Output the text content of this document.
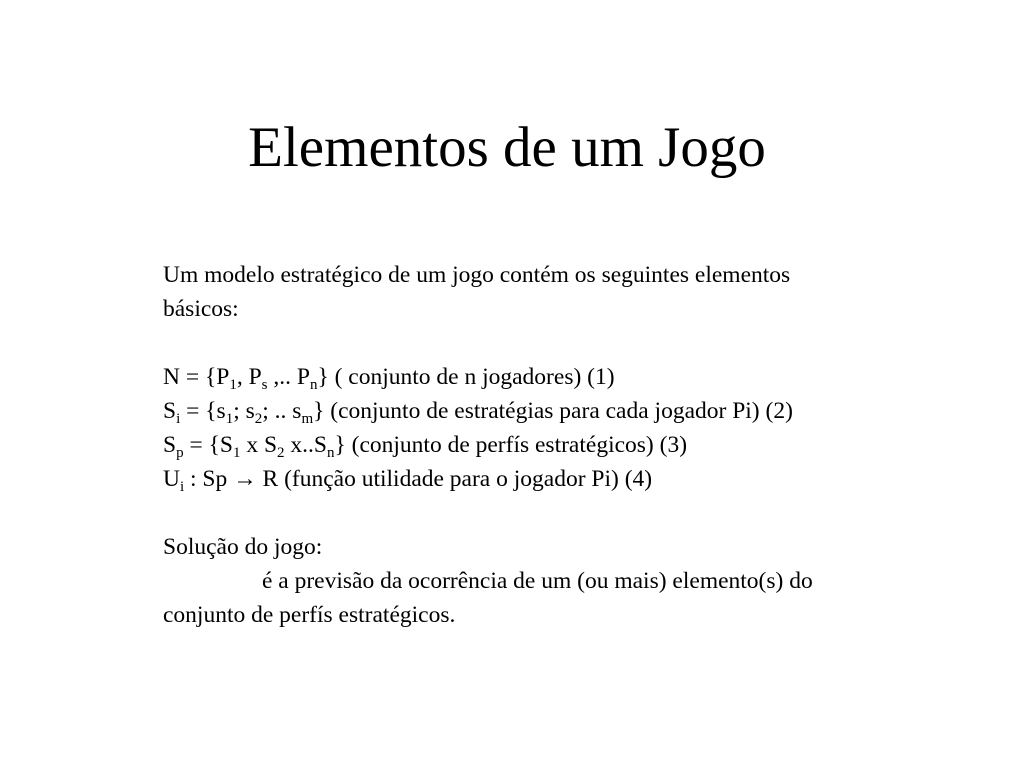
Elementos de um Jogo
Um modelo estratégico de um jogo contém os seguintes elementos
básicos:
$N = \{P_1$, $P_s$ ,.. $P_n$} ( conjunto de n jogadores) (1)
$S_i = \{s_1$; $s_2$; .. $s_m$} (conjunto de estratégias para cada jogador Pi) (2)
$S_p = \{S_1$ x $S_2$ $x..S_n$} (conjunto de perfís estratégicos) (3)
$U_i$ : Sp → R (função utilidade para o jogador Pi) (4)
Solução do jogo:
é a previsão da ocorrência de um (ou mais) elemento(s) do
conjunto de perfís estratégicos.
